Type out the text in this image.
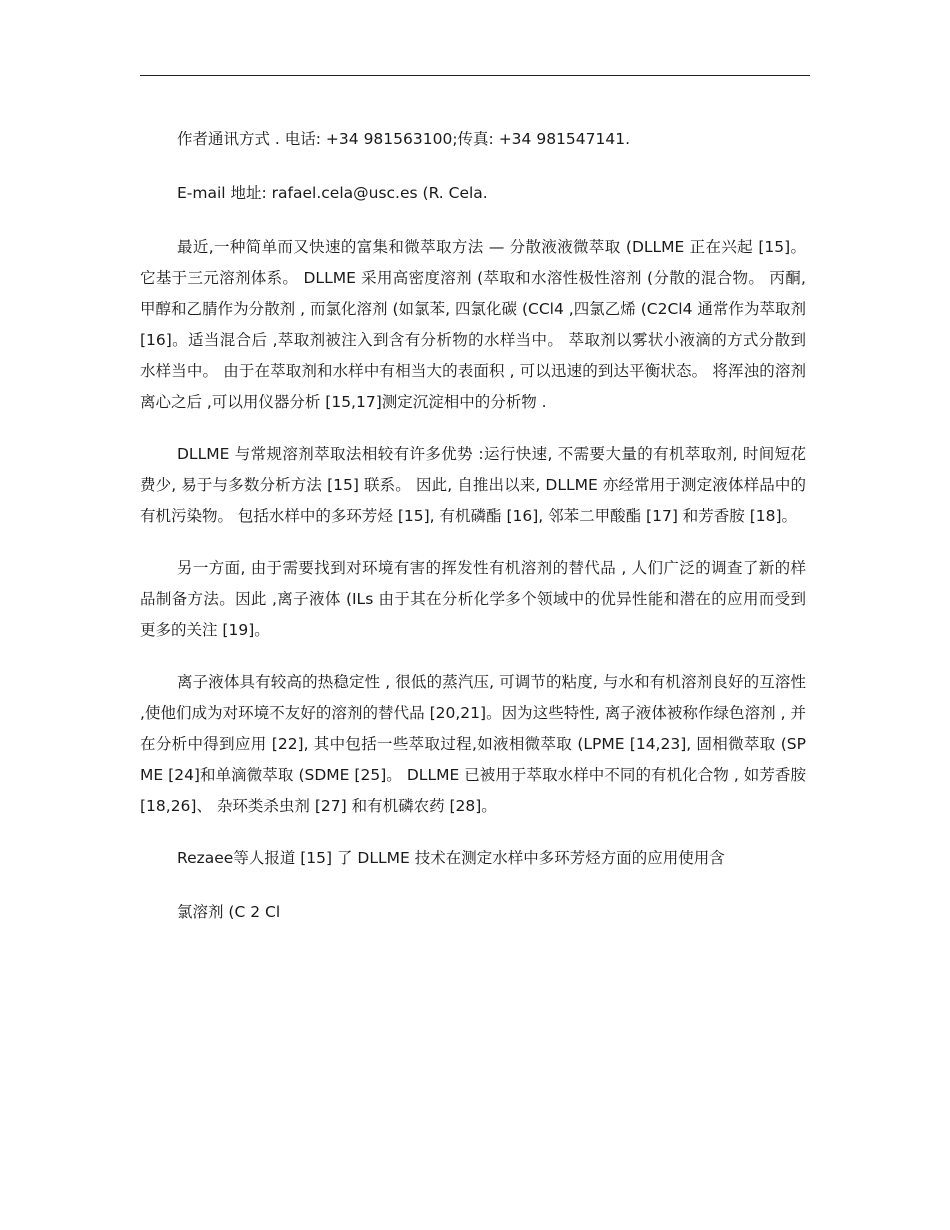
作者通讯方式 . 电话: +34 981563100;传真: +34 981547141.

E-mail 地址: rafael.cela@usc.es (R. Cela.

最近,一种简单而又快速的富集和微萃取方法 — 分散液液微萃取 (DLLME 正在兴起 [15]。它基于三元溶剂体系。 DLLME 采用高密度溶剂 (萃取和水溶性极性溶剂 (分散的混合物。 丙酮, 甲醇和乙腈作为分散剂 , 而氯化溶剂 (如氯苯, 四氯化碳 (CCl4 ,四氯乙烯 (C2Cl4 通常作为萃取剂 [16]。适当混合后 ,萃取剂被注入到含有分析物的水样当中。 萃取剂以雾状小液滴的方式分散到水样当中。 由于在萃取剂和水样中有相当大的表面积 , 可以迅速的到达平衡状态。 将浑浊的溶剂离心之后 ,可以用仪器分析 [15,17]测定沉淀相中的分析物 .

DLLME 与常规溶剂萃取法相较有许多优势 :运行快速, 不需要大量的有机萃取剂, 时间短花费少, 易于与多数分析方法 [15] 联系。 因此, 自推出以来, DLLME 亦经常用于测定液体样品中的有机污染物。 包括水样中的多环芳烃 [15], 有机磷酯 [16], 邻苯二甲酸酯 [17] 和芳香胺 [18]。

另一方面, 由于需要找到对环境有害的挥发性有机溶剂的替代品 , 人们广泛的调查了新的样品制备方法。因此 ,离子液体 (ILs 由于其在分析化学多个领域中的优异性能和潜在的应用而受到更多的关注 [19]。

离子液体具有较高的热稳定性 , 很低的蒸汽压, 可调节的粘度, 与水和有机溶剂良好的互溶性 ,使他们成为对环境不友好的溶剂的替代品 [20,21]。因为这些特性, 离子液体被称作绿色溶剂 , 并在分析中得到应用 [22], 其中包括一些萃取过程,如液相微萃取 (LPME [14,23], 固相微萃取 (SPME [24]和单滴微萃取 (SDME [25]。 DLLME 已被用于萃取水样中不同的有机化合物 , 如芳香胺 [18,26]、 杂环类杀虫剂 [27] 和有机磷农药 [28]。

Rezaee等人报道 [15] 了 DLLME 技术在测定水样中多环芳烃方面的应用使用含

氯溶剂 (C 2 Cl
